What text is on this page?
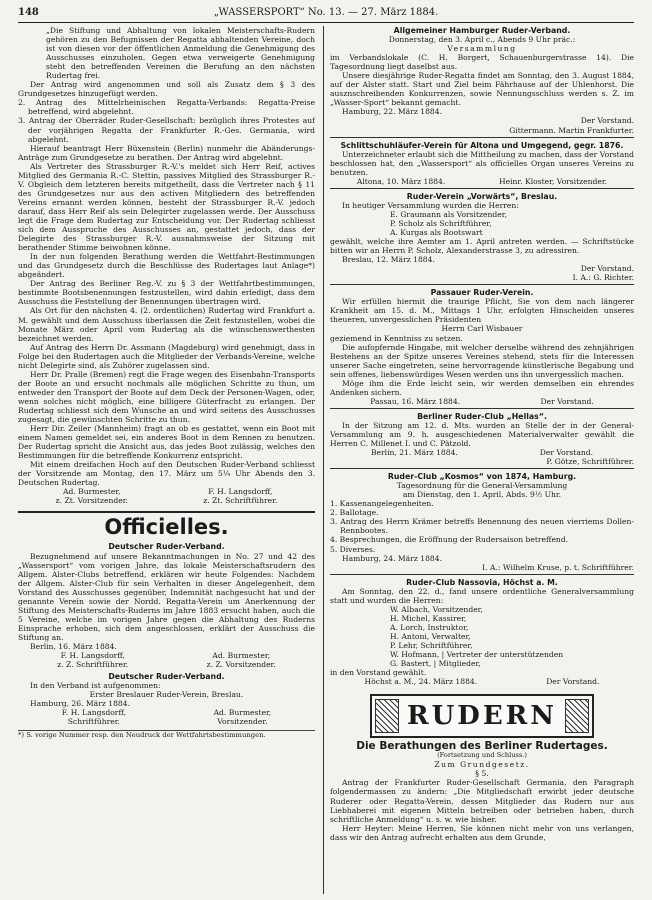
148	„WASSERSPORT“ No. 13. — 27. März 1884.

„Die Stiftung und Abhaltung von lokalen Meisterschafts-Rudern gehören zu den Befugnissen der Regatta abhaltenden Vereine, doch ist von diesen vor der öffentlichen Anmeldung die Genehmigung des Ausschusses einzuholen. Gegen etwa verweigerte Genehmigung steht den betreffenden Vereinen die Berufung an den nächsten Rudertag frei.

Der Antrag wird angenommen und soll als Zusatz dem § 3 des Grundgesetzes hinzugefügt werden.

2. Antrag des Mittelrheinischen Regatta-Verbands: Regatta-Preise betreffend, wird abgelehnt.

3. Antrag der Oberräder Ruder-Gesellschaft: bezüglich ihres Protestes auf der vorjährigen Regatta der Frankfurter R.-Ges. Germania, wird abgelehnt.

Hierauf beantragt Herr Büxenstein (Berlin) nunmehr die Abänderungs-Anträge zum Grundgesetze zu berathen. Der Antrag wird abgelehnt.

Als Vertreter des Strassburger R.-V.'s meldet sich Herr Reif, actives Mitglied des Germania R.-C. Stettin, passives Mitglied des Strassburger R.-V. Obgleich dem letzteren bereits mitgetheilt, dass die Vertreter nach § 11 des Grundgesetzes nur aus den activen Mitgliedern des betreffenden Vereins ernannt werden können, besteht der Strassburger R.-V. jedoch darauf, dass Herr Reif als sein Delegirter zugelassen werde. Der Ausschuss legt die Frage dem Rudertag zur Entscheidung vor. Der Rudertag schliesst sich dem Ausspruche des Ausschusses an, gestattet jedoch, dass der Delegirte des Strassburger R.-V. ausnahmsweise der Sitzung mit berathender Stimme beiwohnen könne.

In der nun folgenden Berathung werden die Wettfahrt-Bestimmungen und das Grundgesetz durch die Beschlüsse des Rudertages laut Anlage*) abgeändert.

Der Antrag des Berliner Reg.-V. zu § 3 der Wettfahrtbestimmungen, bestimmte Bootsbenennungen festzustellen, wird dahin erledigt, dass dem Ausschuss die Feststellung der Benennungen übertragen wird.

Als Ort für den nächsten 4. (2. ordentlichen) Rudertag wird Frankfurt a. M. gewählt und dem Ausschuss überlassen die Zeit festzustellen, wobei die Monate März oder April vom Rudertag als die wünschenswerthesten bezeichnet werden.

Auf Antrag des Herrn Dr. Assmann (Magdeburg) wird genehmigt, dass in Folge bei den Rudertagen auch die Mitglieder der Verbands-Vereine, welche nicht Delegirte sind, als Zuhörer zugelassen sind.

Herr Dr. Pralle (Bremen) regt die Frage wegen des Eisenbahn-Transports der Boote an und ersucht nochmals alle möglichen Schritte zu thun, um entweder den Transport der Boote auf dem Deck der Personen-Wagen, oder, wenn solches nicht möglich, eine billigere Güterfracht zu erlangen. Der Rudertag schliesst sich dem Wunsche an und wird seitens des Ausschusses zugesagt, die gewünschten Schritte zu thun.

Herr Dir. Zeiler (Mannheim) fragt an ob es gestattet, wenn ein Boot mit einem Namen gemeldet sei, ein anderes Boot in dem Rennen zu benutzen. Der Rudertag spricht die Ansicht aus, das jedes Boot zulässig, welches den Bestimmungen für die betreffende Konkurrenz entspricht.

Mit einem dreifachen Hoch auf den Deutschen Ruder-Verband schliesst der Vorsitzende am Montag, den 17. März um 5¼ Uhr Abends den 3. Deutschen Rudertag.

Ad. Burmester,
z. Zt. Vorsitzender.
F. H. Langsdorff,
z. Zt. Schriftführer.
Officielles.
Deutscher Ruder-Verband.

Bezugnehmend auf unsere Bekanntmachungen in No. 27 und 42 des „Wassersport“ vom vorigen Jahre, das lokale Meisterschaftsrudern des Allgem. Alster-Clubs betreffend, erklären wir heute Folgendes: Nachdem der Allgem. Alster-Club für sein Verhalten in dieser Angelegenheit, dem Vorstand des Ausschusses gegenüber, Indemnität nachgesucht hat und der genannte Verein sowie der Nordd. Regatta-Verein um Anerkennung der Stiftung des Meisterschafts-Ruderns im Jahre 1883 ersucht haben, auch die 5 Vereine, welche im vorigen Jahre gegen die Abhaltung des Ruderns Einsprache erhoben, sich dem angeschlossen, erklärt der Ausschuss die Stiftung an.

Berlin, 16. März 1884.

F. H. Langsdorff,
z. Z. Schriftführer.
Ad. Burmester,
z. Z. Vorsitzender.
Deutscher Ruder-Verband.

In den Verband ist aufgenommen:

Erster Breslauer Ruder-Verein, Breslau.

Hamburg, 26. März 1884.

F. H. Langsdorff,
Schriftführer.
Ad. Burmester,
Vorsitzender.

*) S. vorige Nummer resp. den Neudruck der Wettfahrtsbestimmungen.

Allgemeiner Hamburger Ruder-Verband.

Donnerstag, den 3. April c., Abends 9 Uhr präc.:

Versammlung

im Verbandslokale (C. H. Borgert, Schauenburgerstrasse 14). Die Tagesordnung liegt daselbst aus.

Unsere diesjährige Ruder-Regatta findet am Sonntag, den 3. August 1884, auf der Alster statt. Start und Ziel beim Fährhause auf der Uhlenhorst. Die ausznschreibenden Konkurrenzen, sowie Nennungsschluss werden s. Z. im „Wasser-Sport“ bekannt gemacht.

Hamburg, 22. März 1884.

Der Vorstand.

Gittermann. Martin Frankfurter.

Schlittschuhläufer-Verein für Altona und Umgegend, gegr. 1876.

Unterzeichneter erlaubt sich die Mittheilung zu machen, dass der Vorstand beschlossen hat, den „Wassersport“ als officielles Organ unseres Vereins zu benutzen.

Altona, 10. März 1884.	Heinr. Kloster, Vorsitzender.
Ruder-Verein „Vorwärts“, Breslau.

In heutiger Versammlung wurden die Herren:

E. Graumann als Vorsitzender,

P. Scholz als Schriftführer,

A. Kurgas als Bootswart

gewählt, welche ihre Aemter am 1. April antreten werden. — Schriftstücke bitten wir an Herrn P. Scholz, Alexanderstrasse 3, zu adressiren.

Breslau, 12. März 1884.

Der Vorstand.

I. A.: G. Richter.

Passauer Ruder-Verein.

Wir erfüllen hiermit die traurige Pflicht, Sie von dem nach längerer Krankheit am 15. d. M., Mittags 1 Uhr, erfolgten Hinscheiden unseres theueren, unvergesslichen Präsidenten

Herrn Carl Wisbauer

geziemend in Kenntniss zu setzen.

Die aufopfernde Hingabe, mit welcher derselbe während des zehnjährigen Bestehens an der Spitze unseres Vereines stehend, stets für die Interessen unserer Sache eingetreten, seine hervorragende künstlerische Begabung und sein offenes, liebenswürdiges Wesen werden uns ihn unvergesslich machen.

Möge ihm die Erde leicht sein, wir werden demselben ein ehrendes Andenken sichern.

Passau, 16. März 1884.	Der Vorstand.
Berliner Ruder-Club „Hellas“.

In der Sitzung am 12. d. Mts. wurden an Stelle der in der General-Versammlung am 9. h. ausgeschiedenen Materialverwalter gewählt die Herren C. Millenet I. und C. Pätzold.

Berlin, 21. März 1884.	Der Vorstand.

P. Götze, Schriftführer.

Ruder-Club „Kosmos“ von 1874, Hamburg.

Tagesordnung für die General-Versammlung

am Dienstag, den 1. April, Abds. 9½ Uhr.

1. Kassenangelegenheiten.

2. Ballotage.

3. Antrag des Herrn Krämer betreffs Benennung des neuen vierriems Dollen-Rennbootes.

4. Besprechungen, die Eröffnung der Rudersaison betreffend.

5. Diverses.

Hamburg, 24. März 1884.

I. A.: Wilhelm Kruse, p. t. Schriftführer.

Ruder-Club Nassovia, Höchst a. M.

Am Sonntag, den 22. d., fand unsere ordentliche Generalversammlung statt und wurden die Herren:

W. Albach, Vorsitzender,

H. Michel, Kassirer,

A. Lorch, Instruktor,

H. Antoni, Verwalter,

P. Lehr, Schriftführer,

W. Hofmann, | Vertreter der unterstützenden

G. Bastert, | Mitglieder,

in den Vorstand gewählt.

Höchst a. M., 24. März 1884.	Der Vorstand.
RUDERN
Die Berathungen des Berliner Rudertages.

(Fortsetzung und Schluss.)

Zum Grundgesetz.

§ 5.

Antrag der Frankfurter Ruder-Gesellschaft Germania, den Paragraph folgendermassen zu ändern: „Die Mitgliedschaft erwirbt jeder deutsche Ruderer oder Regatta-Verein, dessen Mitglieder das Rudern nur aus Liebhaberei mit eigenen Mitteln betreiben oder betrieben haben, durch schriftliche Anmeldung“ u. s. w. wie bisher.

Herr Heyter: Meine Herren, Sie können nicht mehr von uns verlangen, dass wir den Antrag aufrecht erhalten aus dem Grunde,
